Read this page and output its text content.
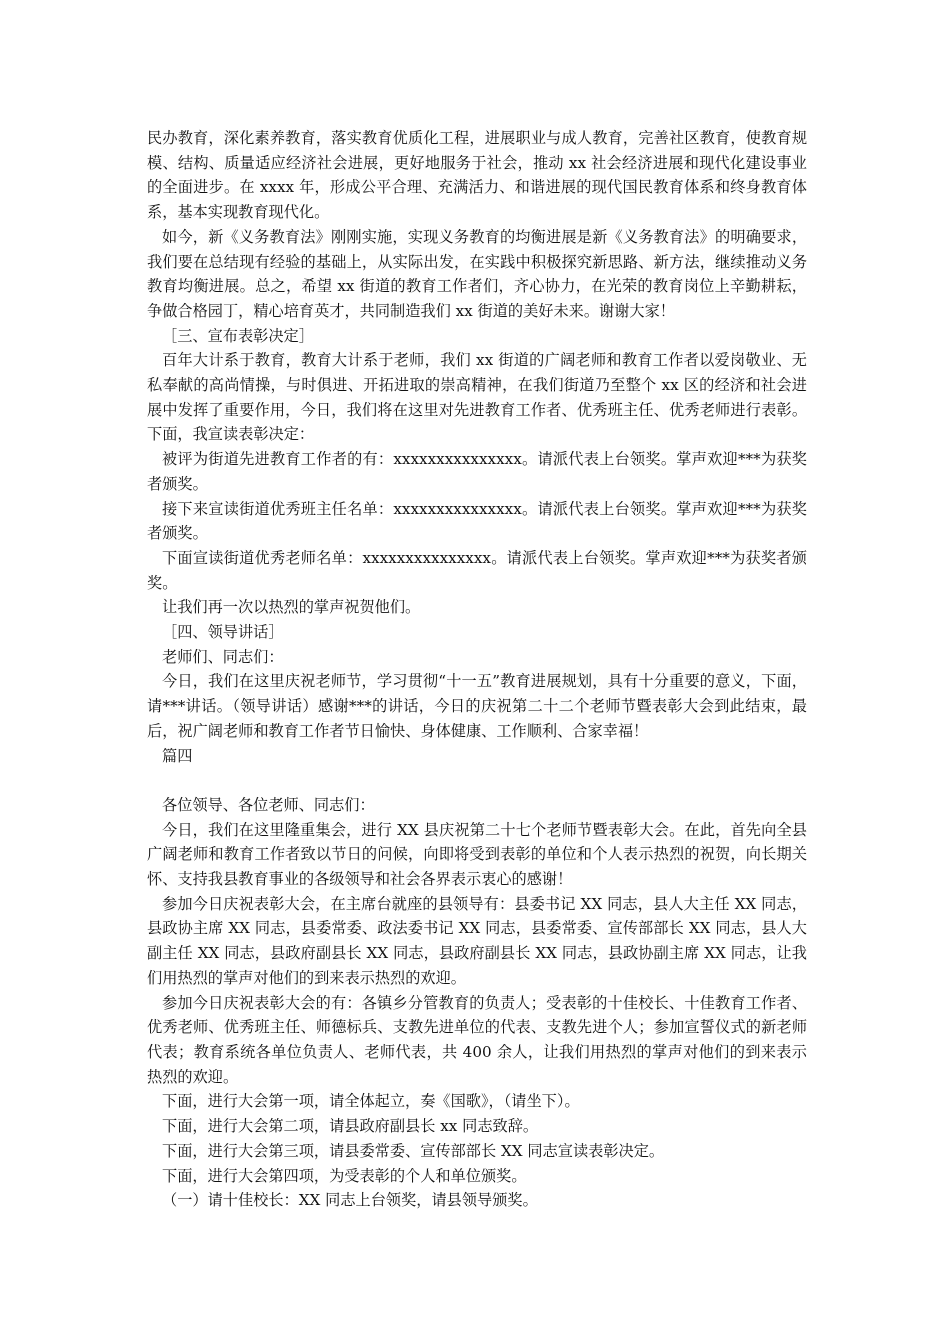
民办教育，深化素养教育，落实教育优质化工程，进展职业与成人教育，完善社区教育，使教育规模、结构、质量适应经济社会进展，更好地服务于社会，推动 xx 社会经济进展和现代化建设事业的全面进步。在 xxxx 年，形成公平合理、充满活力、和谐进展的现代国民教育体系和终身教育体系，基本实现教育现代化。

如今，新《义务教育法》刚刚实施，实现义务教育的均衡进展是新《义务教育法》的明确要求，我们要在总结现有经验的基础上，从实际出发，在实践中积极探究新思路、新方法，继续推动义务教育均衡进展。总之，希望 xx 街道的教育工作者们，齐心协力，在光荣的教育岗位上辛勤耕耘，争做合格园丁，精心培育英才，共同制造我们 xx 街道的美好未来。谢谢大家！

［三、宣布表彰决定］

百年大计系于教育，教育大计系于老师，我们 xx 街道的广阔老师和教育工作者以爱岗敬业、无私奉献的高尚情操，与时俱进、开拓进取的崇高精神，在我们街道乃至整个 xx 区的经济和社会进展中发挥了重要作用，今日，我们将在这里对先进教育工作者、优秀班主任、优秀老师进行表彰。下面，我宣读表彰决定：

被评为街道先进教育工作者的有：xxxxxxxxxxxxxxx。请派代表上台领奖。掌声欢迎***为获奖者颁奖。

接下来宣读街道优秀班主任名单：xxxxxxxxxxxxxxx。请派代表上台领奖。掌声欢迎***为获奖者颁奖。

下面宣读街道优秀老师名单：xxxxxxxxxxxxxxx。请派代表上台领奖。掌声欢迎***为获奖者颁奖。

让我们再一次以热烈的掌声祝贺他们。

［四、领导讲话］

老师们、同志们：

今日，我们在这里庆祝老师节，学习贯彻“十一五”教育进展规划，具有十分重要的意义，下面，请***讲话。（领导讲话）感谢***的讲话，今日的庆祝第二十二个老师节暨表彰大会到此结束，最后，祝广阔老师和教育工作者节日愉快、身体健康、工作顺利、合家幸福！

篇四

各位领导、各位老师、同志们：

今日，我们在这里隆重集会，进行 XX 县庆祝第二十七个老师节暨表彰大会。在此，首先向全县广阔老师和教育工作者致以节日的问候，向即将受到表彰的单位和个人表示热烈的祝贺，向长期关怀、支持我县教育事业的各级领导和社会各界表示衷心的感谢！

参加今日庆祝表彰大会，在主席台就座的县领导有：县委书记 XX 同志，县人大主任 XX 同志，县政协主席 XX 同志，县委常委、政法委书记 XX 同志，县委常委、宣传部部长 XX 同志，县人大副主任 XX 同志，县政府副县长 XX 同志，县政府副县长 XX 同志，县政协副主席 XX 同志，让我们用热烈的掌声对他们的到来表示热烈的欢迎。

参加今日庆祝表彰大会的有：各镇乡分管教育的负责人；受表彰的十佳校长、十佳教育工作者、优秀老师、优秀班主任、师德标兵、支教先进单位的代表、支教先进个人；参加宣誓仪式的新老师代表；教育系统各单位负责人、老师代表，共 400 余人，让我们用热烈的掌声对他们的到来表示热烈的欢迎。

下面，进行大会第一项，请全体起立，奏《国歌》，（请坐下）。

下面，进行大会第二项，请县政府副县长 xx 同志致辞。

下面，进行大会第三项，请县委常委、宣传部部长 XX 同志宣读表彰决定。

下面，进行大会第四项，为受表彰的个人和单位颁奖。

（一）请十佳校长：XX 同志上台领奖，请县领导颁奖。
